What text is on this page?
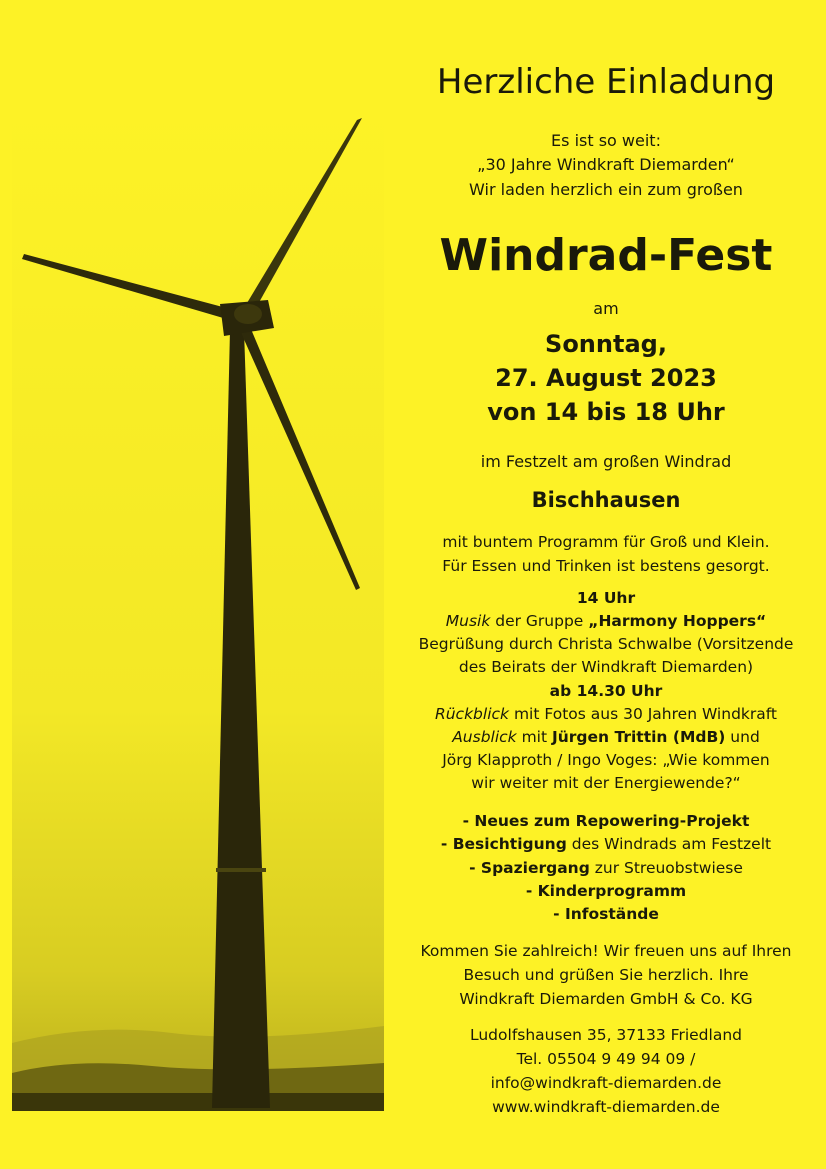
Herzliche Einladung
Es ist so weit:
„30 Jahre Windkraft Diemarden“
Wir laden herzlich ein zum großen
Windrad-Fest
am
Sonntag,
27. August 2023
von 14 bis 18 Uhr
im Festzelt am großen Windrad
Bischhausen
mit buntem Programm für Groß und Klein.
Für Essen und Trinken ist bestens gesorgt.
14 Uhr
Musik der Gruppe „Harmony Hoppers“
Begrüßung durch Christa Schwalbe (Vorsitzende
des Beirats der Windkraft Diemarden)
ab 14.30 Uhr
Rückblick mit Fotos aus 30 Jahren Windkraft
Ausblick mit Jürgen Trittin (MdB) und
Jörg Klapproth / Ingo Voges: „Wie kommen
wir weiter mit der Energiewende?“
- Neues zum Repowering-Projekt
- Besichtigung des Windrads am Festzelt
- Spaziergang zur Streuobstwiese
- Kinderprogramm
- Infostände
Kommen Sie zahlreich! Wir freuen uns auf Ihren
Besuch und grüßen Sie herzlich. Ihre
Windkraft Diemarden GmbH & Co. KG
Ludolfshausen 35, 37133 Friedland
Tel. 05504 9 49 94 09 /
info@windkraft-diemarden.de
www.windkraft-diemarden.de
